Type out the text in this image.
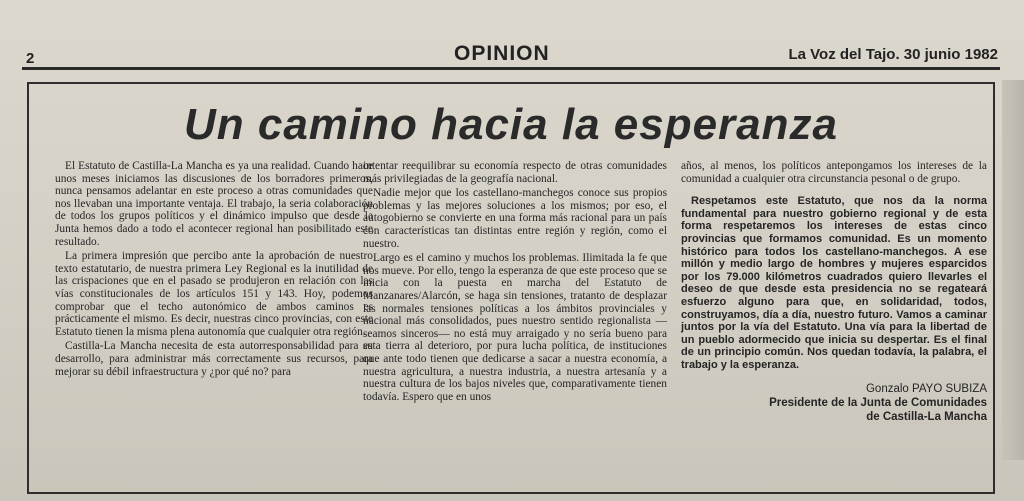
2	OPINION	La Voz del Tajo. 30 junio 1982
Un camino hacia la esperanza

El Estatuto de Castilla-La Mancha es ya una realidad. Cuando hace unos meses iniciamos las discusiones de los borradores primeros, nunca pensamos adelantar en este proceso a otras comunidades que nos llevaban una importante ventaja. El trabajo, la seria colaboración de todos los grupos políticos y el dinámico impulso que desde la Junta hemos dado a todo el acontecer regional han posibilitado este resultado.

La primera impresión que percibo ante la aprobación de nuestro texto estatutario, de nuestra primera Ley Regional es la inutilidad de las crispaciones que en el pasado se produjeron en relación con las vías constitucionales de los artículos 151 y 143. Hoy, podemos comprobar que el techo autonómico de ambos caminos es prácticamente el mismo. Es decir, nuestras cinco provincias, con este Estatuto tienen la misma plena autonomía que cualquier otra región.

Castilla-La Mancha necesita de esta autorresponsabilidad para su desarrollo, para administrar más correctamente sus recursos, para mejorar su débil infraestructura y ¿por qué no? para

intentar reequilibrar su economía respecto de otras comunidades más privilegiadas de la geografía nacional.

Nadie mejor que los castellano-manchegos conoce sus propios problemas y las mejores soluciones a los mismos; por eso, el autogobierno se convierte en una forma más racional para un país con características tan distintas entre región y región, como el nuestro.

Largo es el camino y muchos los problemas. Ilimitada la fe que nos mueve. Por ello, tengo la esperanza de que este proceso que se inicia con la puesta en marcha del Estatuto de Manzanares/Alarcón, se haga sin tensiones, tratanto de desplazar las normales tensiones políticas a los ámbitos provinciales y nacional más consolidados, pues nuestro sentido regionalista — seamos sinceros— no está muy arraigado y no sería bueno para esta tierra al deterioro, por pura lucha política, de instituciones que ante todo tienen que dedicarse a sacar a nuestra economía, a nuestra agricultura, a nuestra industria, a nuestra artesanía y a nuestra cultura de los bajos niveles que, comparativamente tienen todavía. Espero que en unos

años, al menos, los políticos antepongamos los intereses de la comunidad a cualquier otra circunstancia pesonal o de grupo.

Respetamos este Estatuto, que nos da la norma fundamental para nuestro gobierno regional y de esta forma respetaremos los intereses de estas cinco provincias que formamos comunidad. Es un momento histórico para todos los castellano-manchegos. A ese millón y medio largo de hombres y mujeres esparcidos por los 79.000 kilómetros cuadrados quiero llevarles el deseo de que desde esta presidencia no se regateará esfuerzo alguno para que, en solidaridad, todos, construyamos, día a día, nuestro futuro. Vamos a caminar juntos por la vía del Estatuto. Una vía para la libertad de un pueblo adormecido que inicia su despertar. Es el final de un principio común. Nos quedan todavía, la palabra, el trabajo y la esperanza.

Gonzalo PAYO SUBIZA
Presidente de la Junta de Comunidades
de Castilla-La Mancha
